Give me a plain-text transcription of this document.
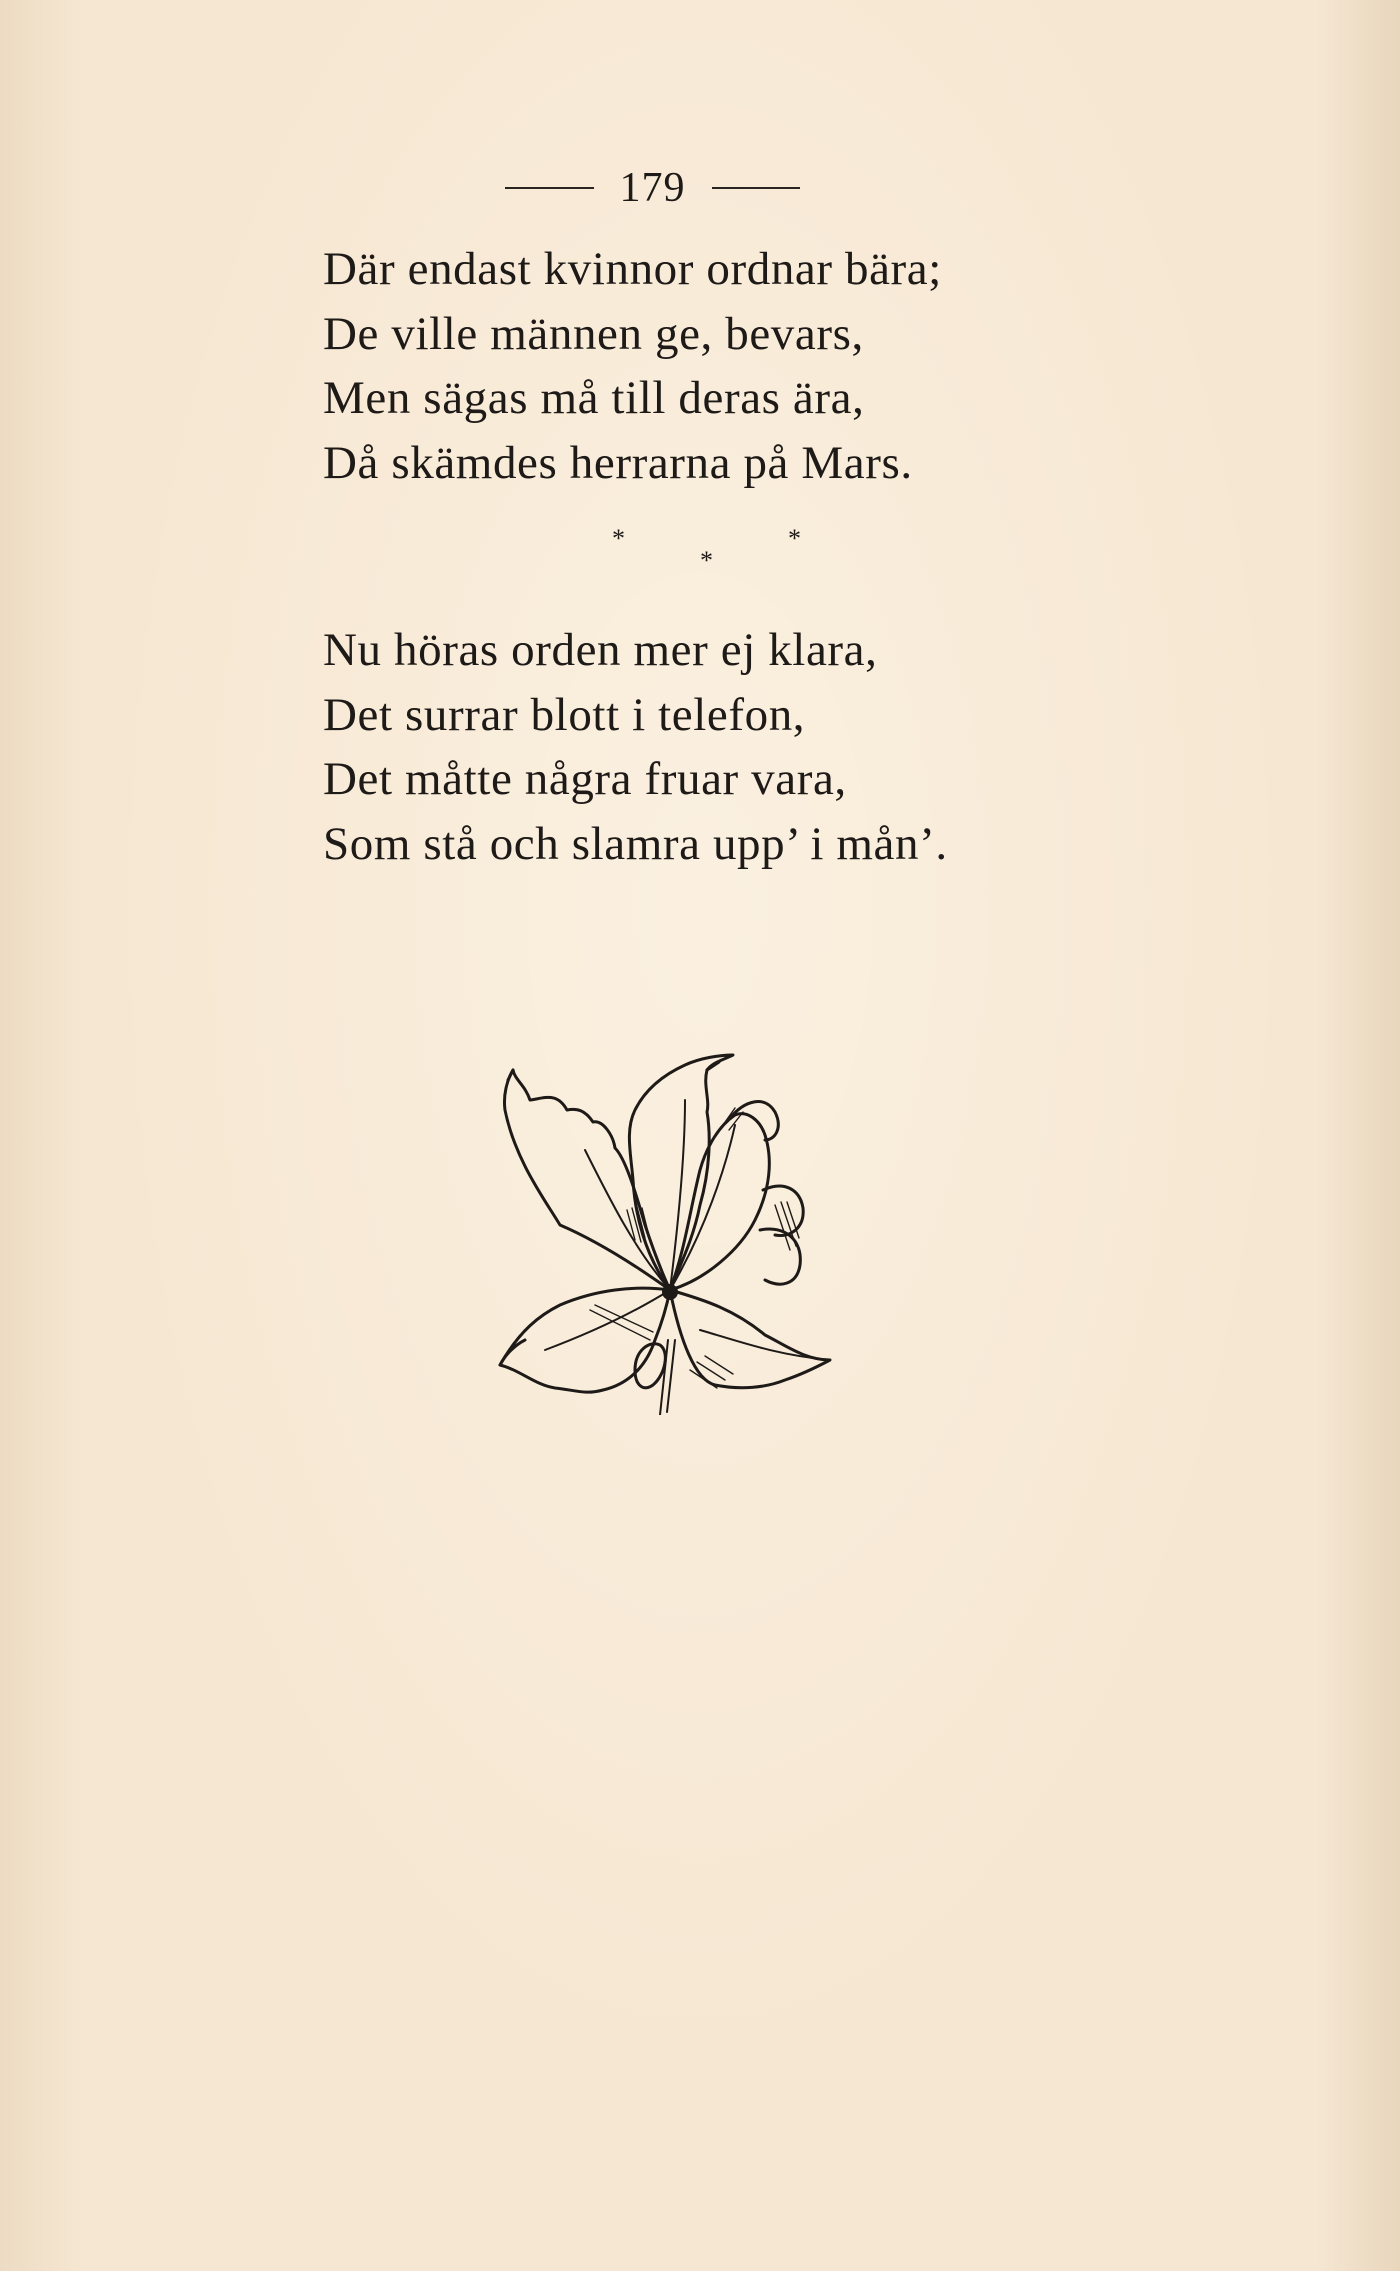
179
Där endast kvinnor ordnar bära;
De ville männen ge, bevars,
Men sägas må till deras ära,
Då skämdes herrarna på Mars.
*
*
*
Nu höras orden mer ej klara,
Det surrar blott i telefon,
Det måtte några fruar vara,
Som stå och slamra upp’ i mån’.
